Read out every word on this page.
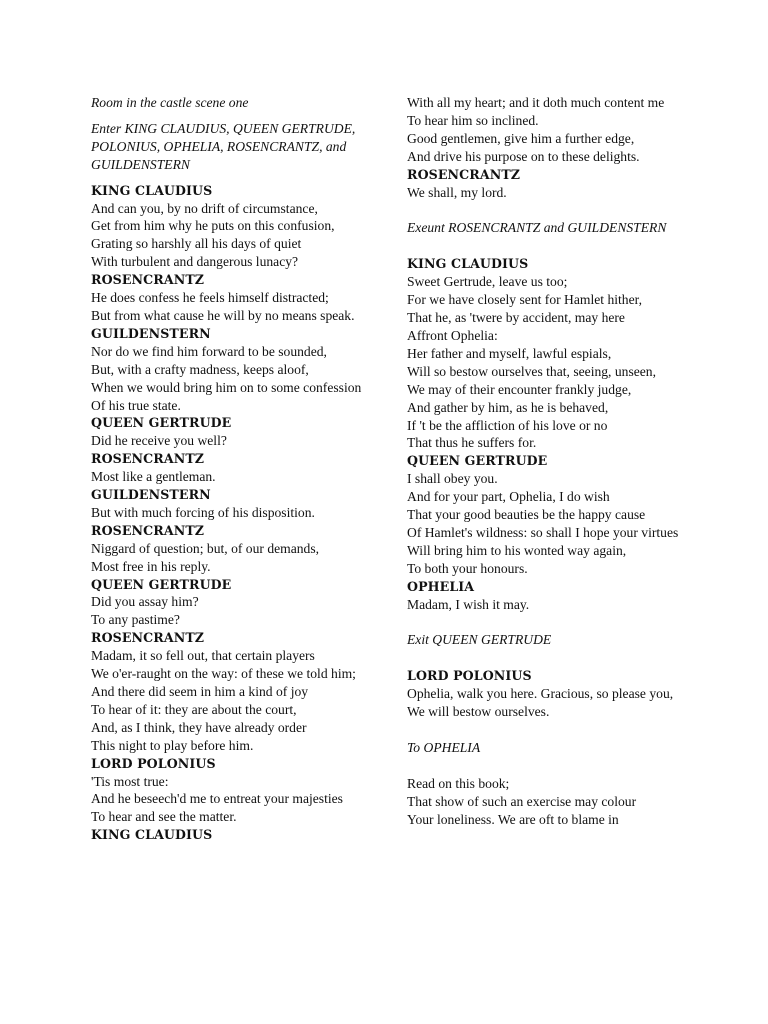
Room in the castle scene one
Enter KING CLAUDIUS, QUEEN GERTRUDE, POLONIUS, OPHELIA, ROSENCRANTZ, and GUILDENSTERN
KING CLAUDIUS
And can you, by no drift of circumstance,
Get from him why he puts on this confusion,
Grating so harshly all his days of quiet
With turbulent and dangerous lunacy?
ROSENCRANTZ
He does confess he feels himself distracted;
But from what cause he will by no means speak.
GUILDENSTERN
Nor do we find him forward to be sounded,
But, with a crafty madness, keeps aloof,
When we would bring him on to some confession
Of his true state.
QUEEN GERTRUDE
Did he receive you well?
ROSENCRANTZ
Most like a gentleman.
GUILDENSTERN
But with much forcing of his disposition.
ROSENCRANTZ
Niggard of question; but, of our demands,
Most free in his reply.
QUEEN GERTRUDE
Did you assay him?
To any pastime?
ROSENCRANTZ
Madam, it so fell out, that certain players
We o'er-raught on the way: of these we told him;
And there did seem in him a kind of joy
To hear of it: they are about the court,
And, as I think, they have already order
This night to play before him.
LORD POLONIUS
'Tis most true:
And he beseech'd me to entreat your majesties
To hear and see the matter.
KING CLAUDIUS
With all my heart; and it doth much content me
To hear him so inclined.
Good gentlemen, give him a further edge,
And drive his purpose on to these delights.
ROSENCRANTZ
We shall, my lord.
Exeunt ROSENCRANTZ and GUILDENSTERN
KING CLAUDIUS
Sweet Gertrude, leave us too;
For we have closely sent for Hamlet hither,
That he, as 'twere by accident, may here
Affront Ophelia:
Her father and myself, lawful espials,
Will so bestow ourselves that, seeing, unseen,
We may of their encounter frankly judge,
And gather by him, as he is behaved,
If 't be the affliction of his love or no
That thus he suffers for.
QUEEN GERTRUDE
I shall obey you.
And for your part, Ophelia, I do wish
That your good beauties be the happy cause
Of Hamlet's wildness: so shall I hope your virtues
Will bring him to his wonted way again,
To both your honours.
OPHELIA
Madam, I wish it may.
Exit QUEEN GERTRUDE
LORD POLONIUS
Ophelia, walk you here. Gracious, so please you,
We will bestow ourselves.
To OPHELIA
Read on this book;
That show of such an exercise may colour
Your loneliness. We are oft to blame in
